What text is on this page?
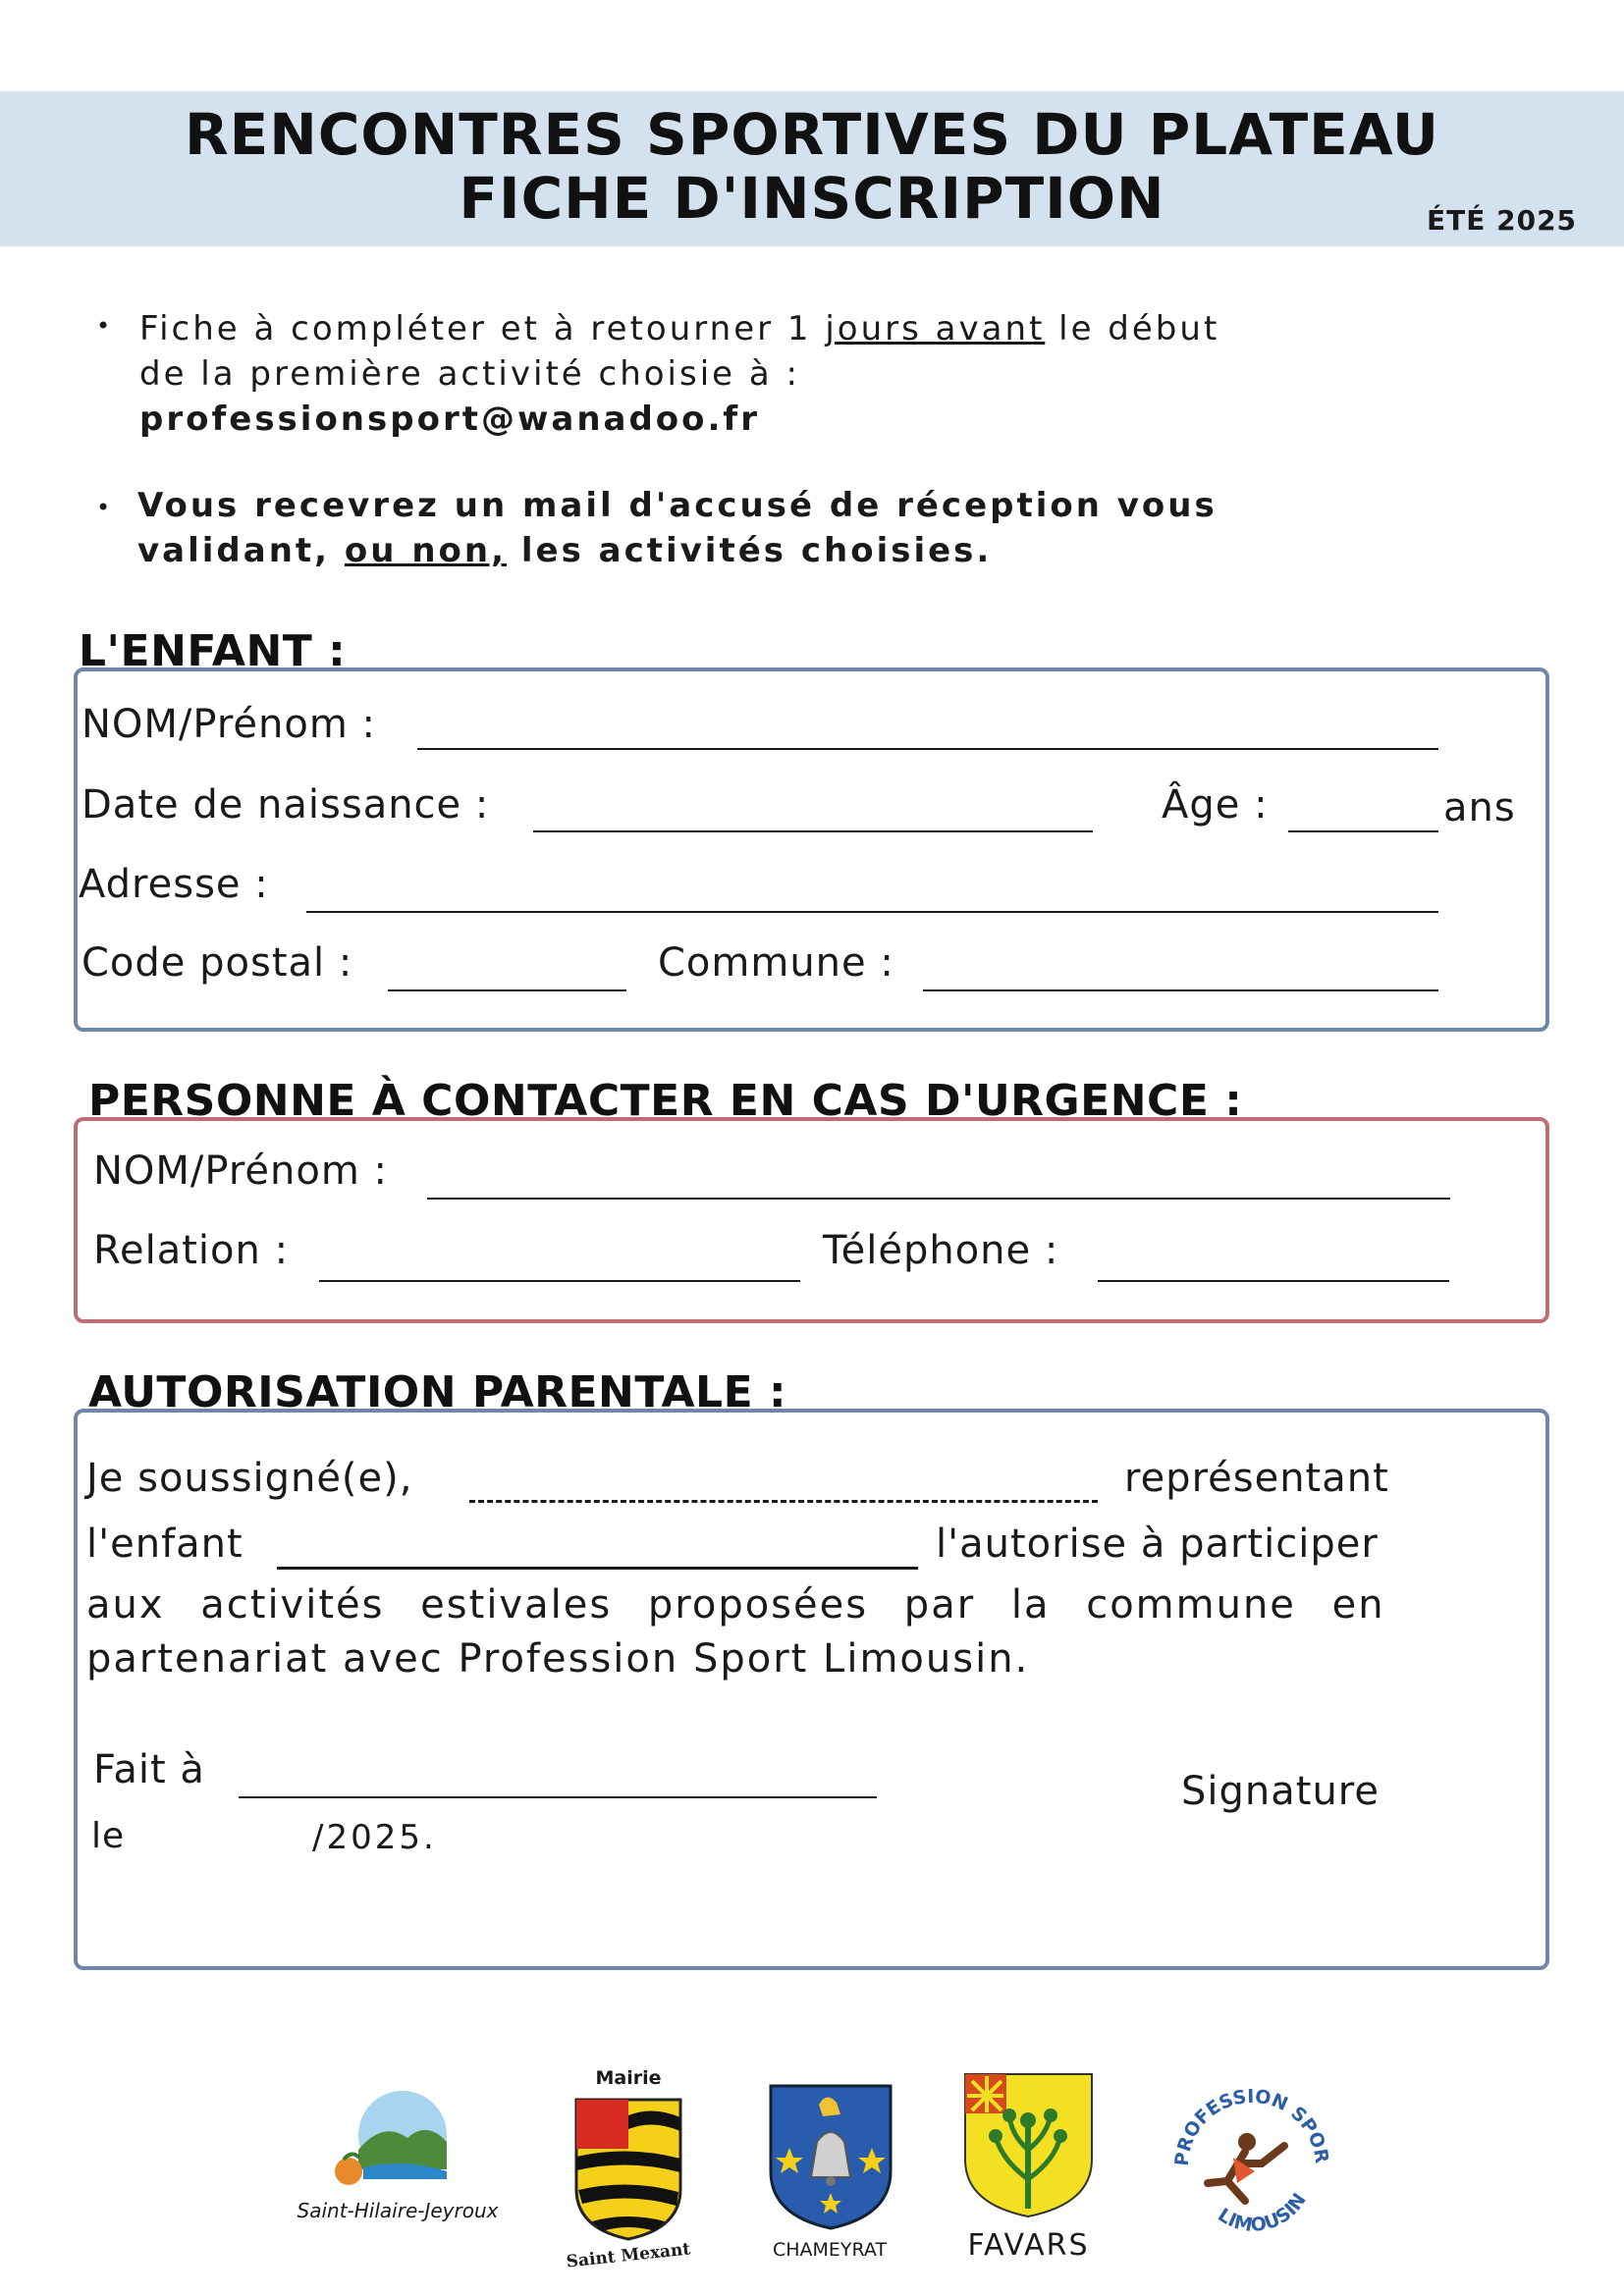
RENCONTRES SPORTIVES DU PLATEAU
FICHE D'INSCRIPTION	ÉTÉ 2025
• Fiche à compléter et à retourner 1 jours avant le début
de la première activité choisie à :
professionsport@wanadoo.fr
• Vous recevrez un mail d'accusé de réception vous
validant, ou non, les activités choisies.
L'ENFANT :
NOM/Prénom :
Date de naissance :	Âge :	ans
Adresse :
Code postal :	Commune :
PERSONNE À CONTACTER EN CAS D'URGENCE :
NOM/Prénom :
Relation :	Téléphone :
AUTORISATION PARENTALE :
Je soussigné(e),	représentant
l'enfant	l'autorise à participer
aux activités estivales proposées par la commune en
partenariat avec Profession Sport Limousin.
Fait à	Signature
le	/2025.
Saint-Hilaire-Jeyroux
Mairie
Saint Mexant	CHAMEYRAT	FAVARS
PROFESSION SPOR
LIMOUSIN
